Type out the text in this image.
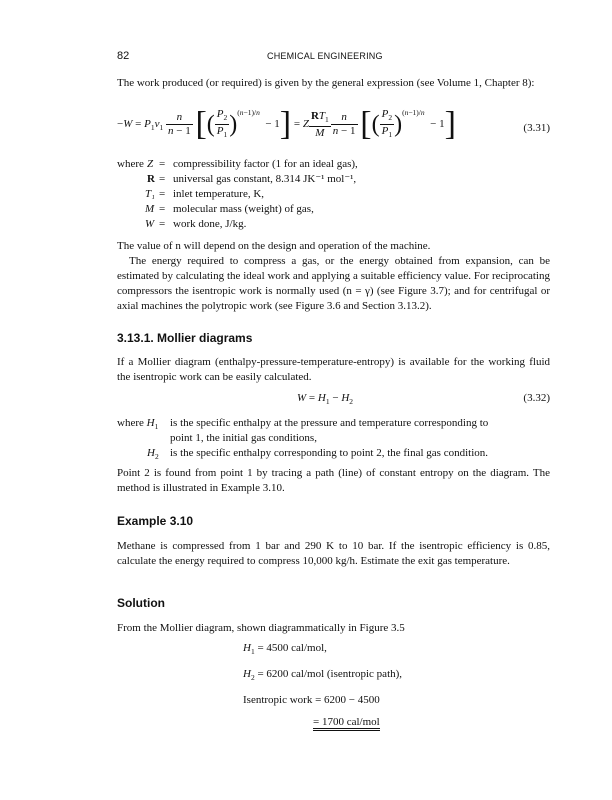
82	CHEMICAL ENGINEERING
The work produced (or required) is given by the general expression (see Volume 1, Chapter 8):
$-W = P_1v_1 \frac{n}{n - 1}$ [( $\frac{P_2}{P_1} )^{(n-1)/n} - 1] = Z \frac{RT_1}{M} \frac{n}{n - 1}$ [( $\frac{P_2}{P_1} )^{(n-1)/n} - 1$]	(3.31)
where Z = compressibility factor (1 for an ideal gas),
R = universal gas constant, 8.314 JK⁻¹ mol⁻¹,
T₁ = inlet temperature, K,
M = molecular mass (weight) of gas,
W = work done, J/kg.
The value of n will depend on the design and operation of the machine.
The energy required to compress a gas, or the energy obtained from expansion, can be estimated by calculating the ideal work and applying a suitable efficiency value. For reciprocating compressors the isentropic work is normally used (n = γ) (see Figure 3.7); and for centrifugal or axial machines the polytropic work (see Figure 3.6 and Section 3.13.2).
3.13.1. Mollier diagrams
If a Mollier diagram (enthalpy-pressure-temperature-entropy) is available for the working fluid the isentropic work can be easily calculated.
$W = H_1 - H_2$	(3.32)
where $H_1$ is the specific enthalpy at the pressure and temperature corresponding to
point 1, the initial gas conditions,
$H_2$ is the specific enthalpy corresponding to point 2, the final gas condition.
Point 2 is found from point 1 by tracing a path (line) of constant entropy on the diagram. The method is illustrated in Example 3.10.
Example 3.10
Methane is compressed from 1 bar and 290 K to 10 bar. If the isentropic efficiency is 0.85, calculate the energy required to compress 10,000 kg/h. Estimate the exit gas temperature.
Solution
From the Mollier diagram, shown diagrammatically in Figure 3.5
$H_1 = 4500$ cal/mol,
$H_2 = 6200$ cal/mol (isentropic path),
Isentropic work = 6200 − 4500
= 1700 cal/mol
